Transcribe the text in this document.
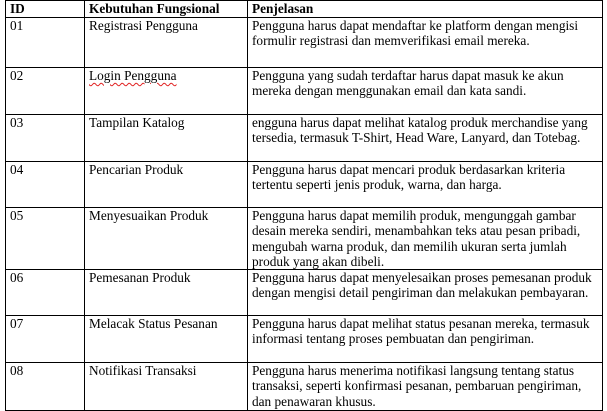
ID	Kebutuhan Fungsional	Penjelasan
01	Registrasi Pengguna	Pengguna harus dapat mendaftar ke platform dengan mengisi formulir registrasi dan memverifikasi email mereka.
02	Login Pengguna	Pengguna yang sudah terdaftar harus dapat masuk ke akun mereka dengan menggunakan email dan kata sandi.
03	Tampilan Katalog	engguna harus dapat melihat katalog produk merchandise yang tersedia, termasuk T-Shirt, Head Ware, Lanyard, dan Totebag.
04	Pencarian Produk	Pengguna harus dapat mencari produk berdasarkan kriteria tertentu seperti jenis produk, warna, dan harga.
05	Menyesuaikan Produk	Pengguna harus dapat memilih produk, mengunggah gambar desain mereka sendiri, menambahkan teks atau pesan pribadi, mengubah warna produk, dan memilih ukuran serta jumlah produk yang akan dibeli.
06	Pemesanan Produk	Pengguna harus dapat menyelesaikan proses pemesanan produk dengan mengisi detail pengiriman dan melakukan pembayaran.
07	Melacak Status Pesanan	Pengguna harus dapat melihat status pesanan mereka, termasuk informasi tentang proses pembuatan dan pengiriman.
08	Notifikasi Transaksi	Pengguna harus menerima notifikasi langsung tentang status transaksi, seperti konfirmasi pesanan, pembaruan pengiriman, dan penawaran khusus.
